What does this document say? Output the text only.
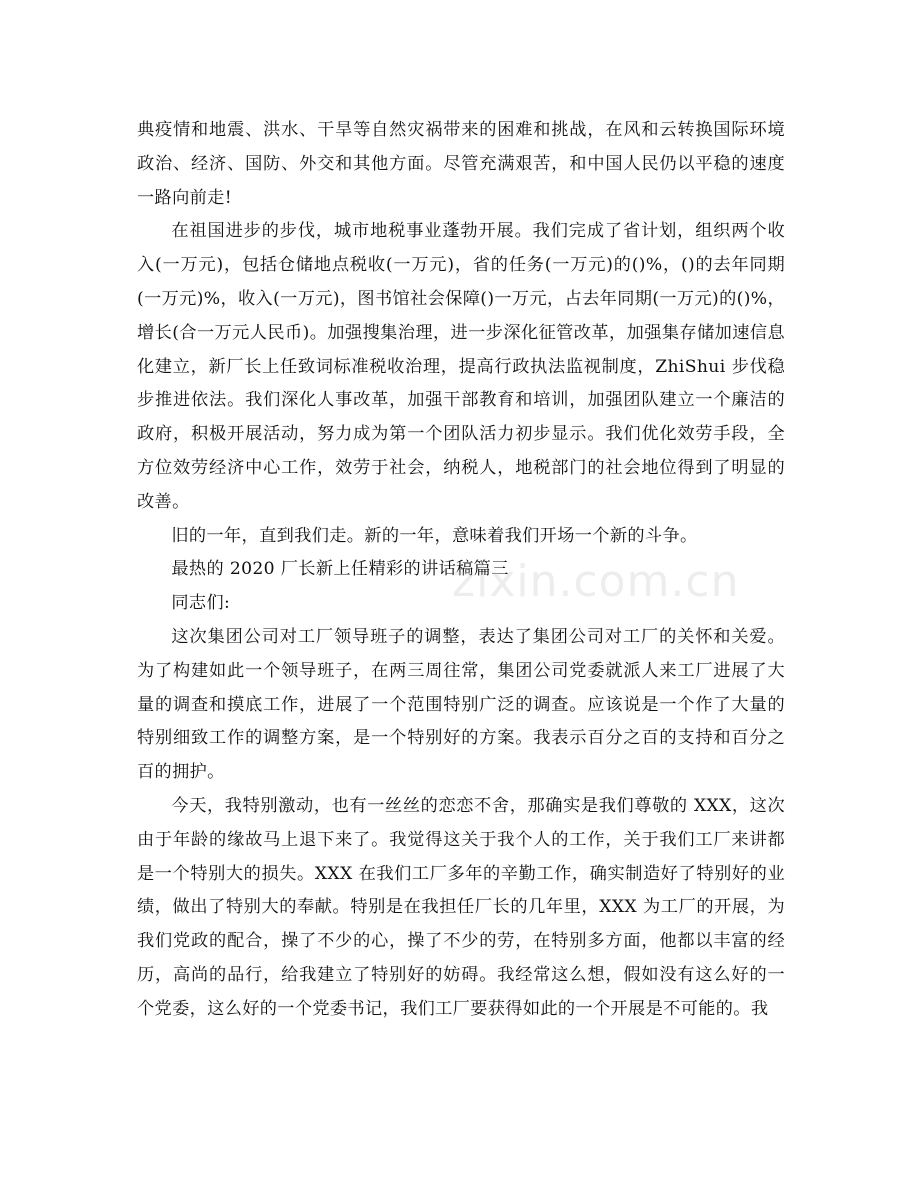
典疫情和地震、洪水、干旱等自然灾祸带来的困难和挑战，在风和云转换国际环境政治、经济、国防、外交和其他方面。尽管充满艰苦，和中国人民仍以平稳的速度一路向前走!

在祖国进步的步伐，城市地税事业蓬勃开展。我们完成了省计划，组织两个收入(一万元)，包括仓储地点税收(一万元)，省的任务(一万元)的()%，()的去年同期(一万元)%，收入(一万元)，图书馆社会保障()一万元，占去年同期(一万元)的()%，增长(合一万元人民币)。加强搜集治理，进一步深化征管改革，加强集存储加速信息化建立，新厂长上任致词标准税收治理，提高行政执法监视制度，ZhiShui 步伐稳步推进依法。我们深化人事改革，加强干部教育和培训，加强团队建立一个廉洁的政府，积极开展活动，努力成为第一个团队活力初步显示。我们优化效劳手段，全方位效劳经济中心工作，效劳于社会，纳税人，地税部门的社会地位得到了明显的改善。

旧的一年，直到我们走。新的一年，意味着我们开场一个新的斗争。

最热的 2020 厂长新上任精彩的讲话稿篇三

同志们:

这次集团公司对工厂领导班子的调整，表达了集团公司对工厂的关怀和关爱。为了构建如此一个领导班子，在两三周往常，集团公司党委就派人来工厂进展了大量的调查和摸底工作，进展了一个范围特别广泛的调查。应该说是一个作了大量的特别细致工作的调整方案，是一个特别好的方案。我表示百分之百的支持和百分之百的拥护。

今天，我特别激动，也有一丝丝的恋恋不舍，那确实是我们尊敬的 XXX，这次由于年龄的缘故马上退下来了。我觉得这关于我个人的工作，关于我们工厂来讲都是一个特别大的损失。XXX 在我们工厂多年的辛勤工作，确实制造好了特别好的业绩，做出了特别大的奉献。特别是在我担任厂长的几年里，XXX 为工厂的开展，为我们党政的配合，操了不少的心，操了不少的劳，在特别多方面，他都以丰富的经历，高尚的品行，给我建立了特别好的妨碍。我经常这么想，假如没有这么好的一个党委，这么好的一个党委书记，我们工厂要获得如此的一个开展是不可能的。我

zixin.com.cn
